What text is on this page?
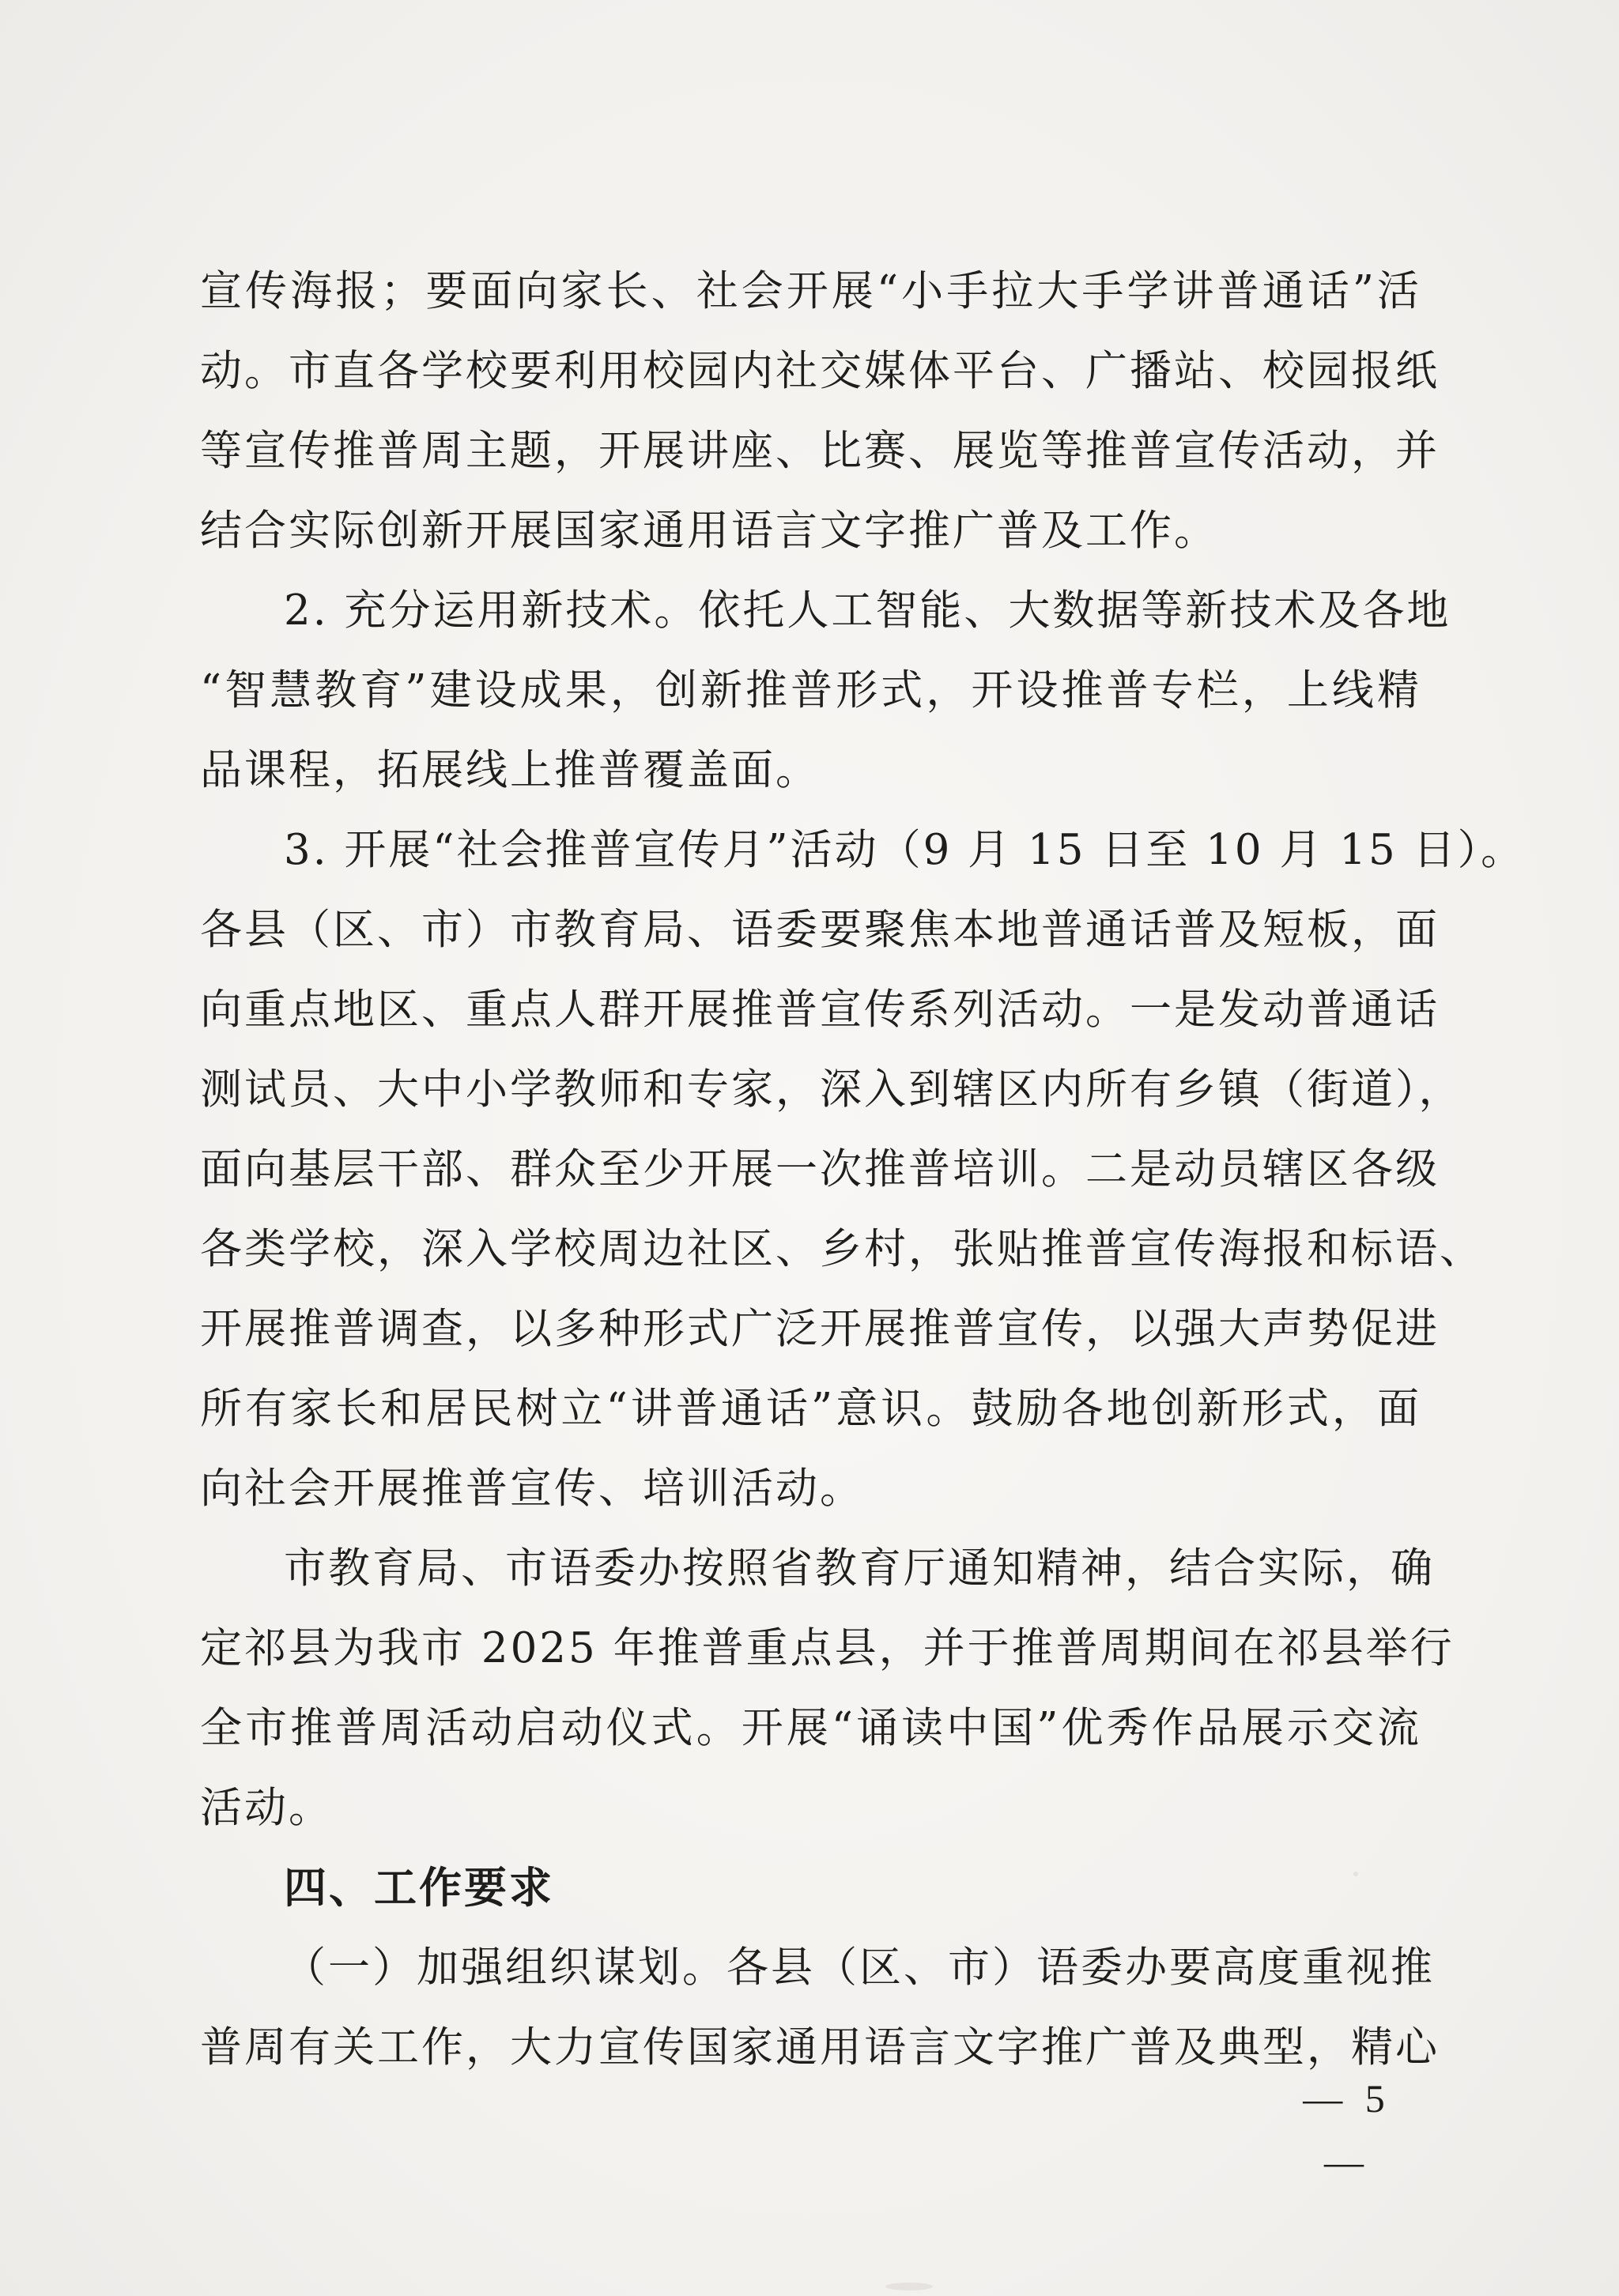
宣传海报；要面向家长、社会开展“小手拉大手学讲普通话”活
动。市直各学校要利用校园内社交媒体平台、广播站、校园报纸
等宣传推普周主题，开展讲座、比赛、展览等推普宣传活动，并
结合实际创新开展国家通用语言文字推广普及工作。
2. 充分运用新技术。依托人工智能、大数据等新技术及各地
“智慧教育”建设成果，创新推普形式，开设推普专栏，上线精
品课程，拓展线上推普覆盖面。
3. 开展“社会推普宣传月”活动（9 月 15 日至 10 月 15 日）。
各县（区、市）市教育局、语委要聚焦本地普通话普及短板，面
向重点地区、重点人群开展推普宣传系列活动。一是发动普通话
测试员、大中小学教师和专家，深入到辖区内所有乡镇（街道），
面向基层干部、群众至少开展一次推普培训。二是动员辖区各级
各类学校，深入学校周边社区、乡村，张贴推普宣传海报和标语、
开展推普调查，以多种形式广泛开展推普宣传，以强大声势促进
所有家长和居民树立“讲普通话”意识。鼓励各地创新形式，面
向社会开展推普宣传、培训活动。
市教育局、市语委办按照省教育厅通知精神，结合实际，确
定祁县为我市 2025 年推普重点县，并于推普周期间在祁县举行
全市推普周活动启动仪式。开展“诵读中国”优秀作品展示交流
活动。
四、工作要求
（一）加强组织谋划。各县（区、市）语委办要高度重视推
普周有关工作，大力宣传国家通用语言文字推广普及典型，精心
— 5 —
